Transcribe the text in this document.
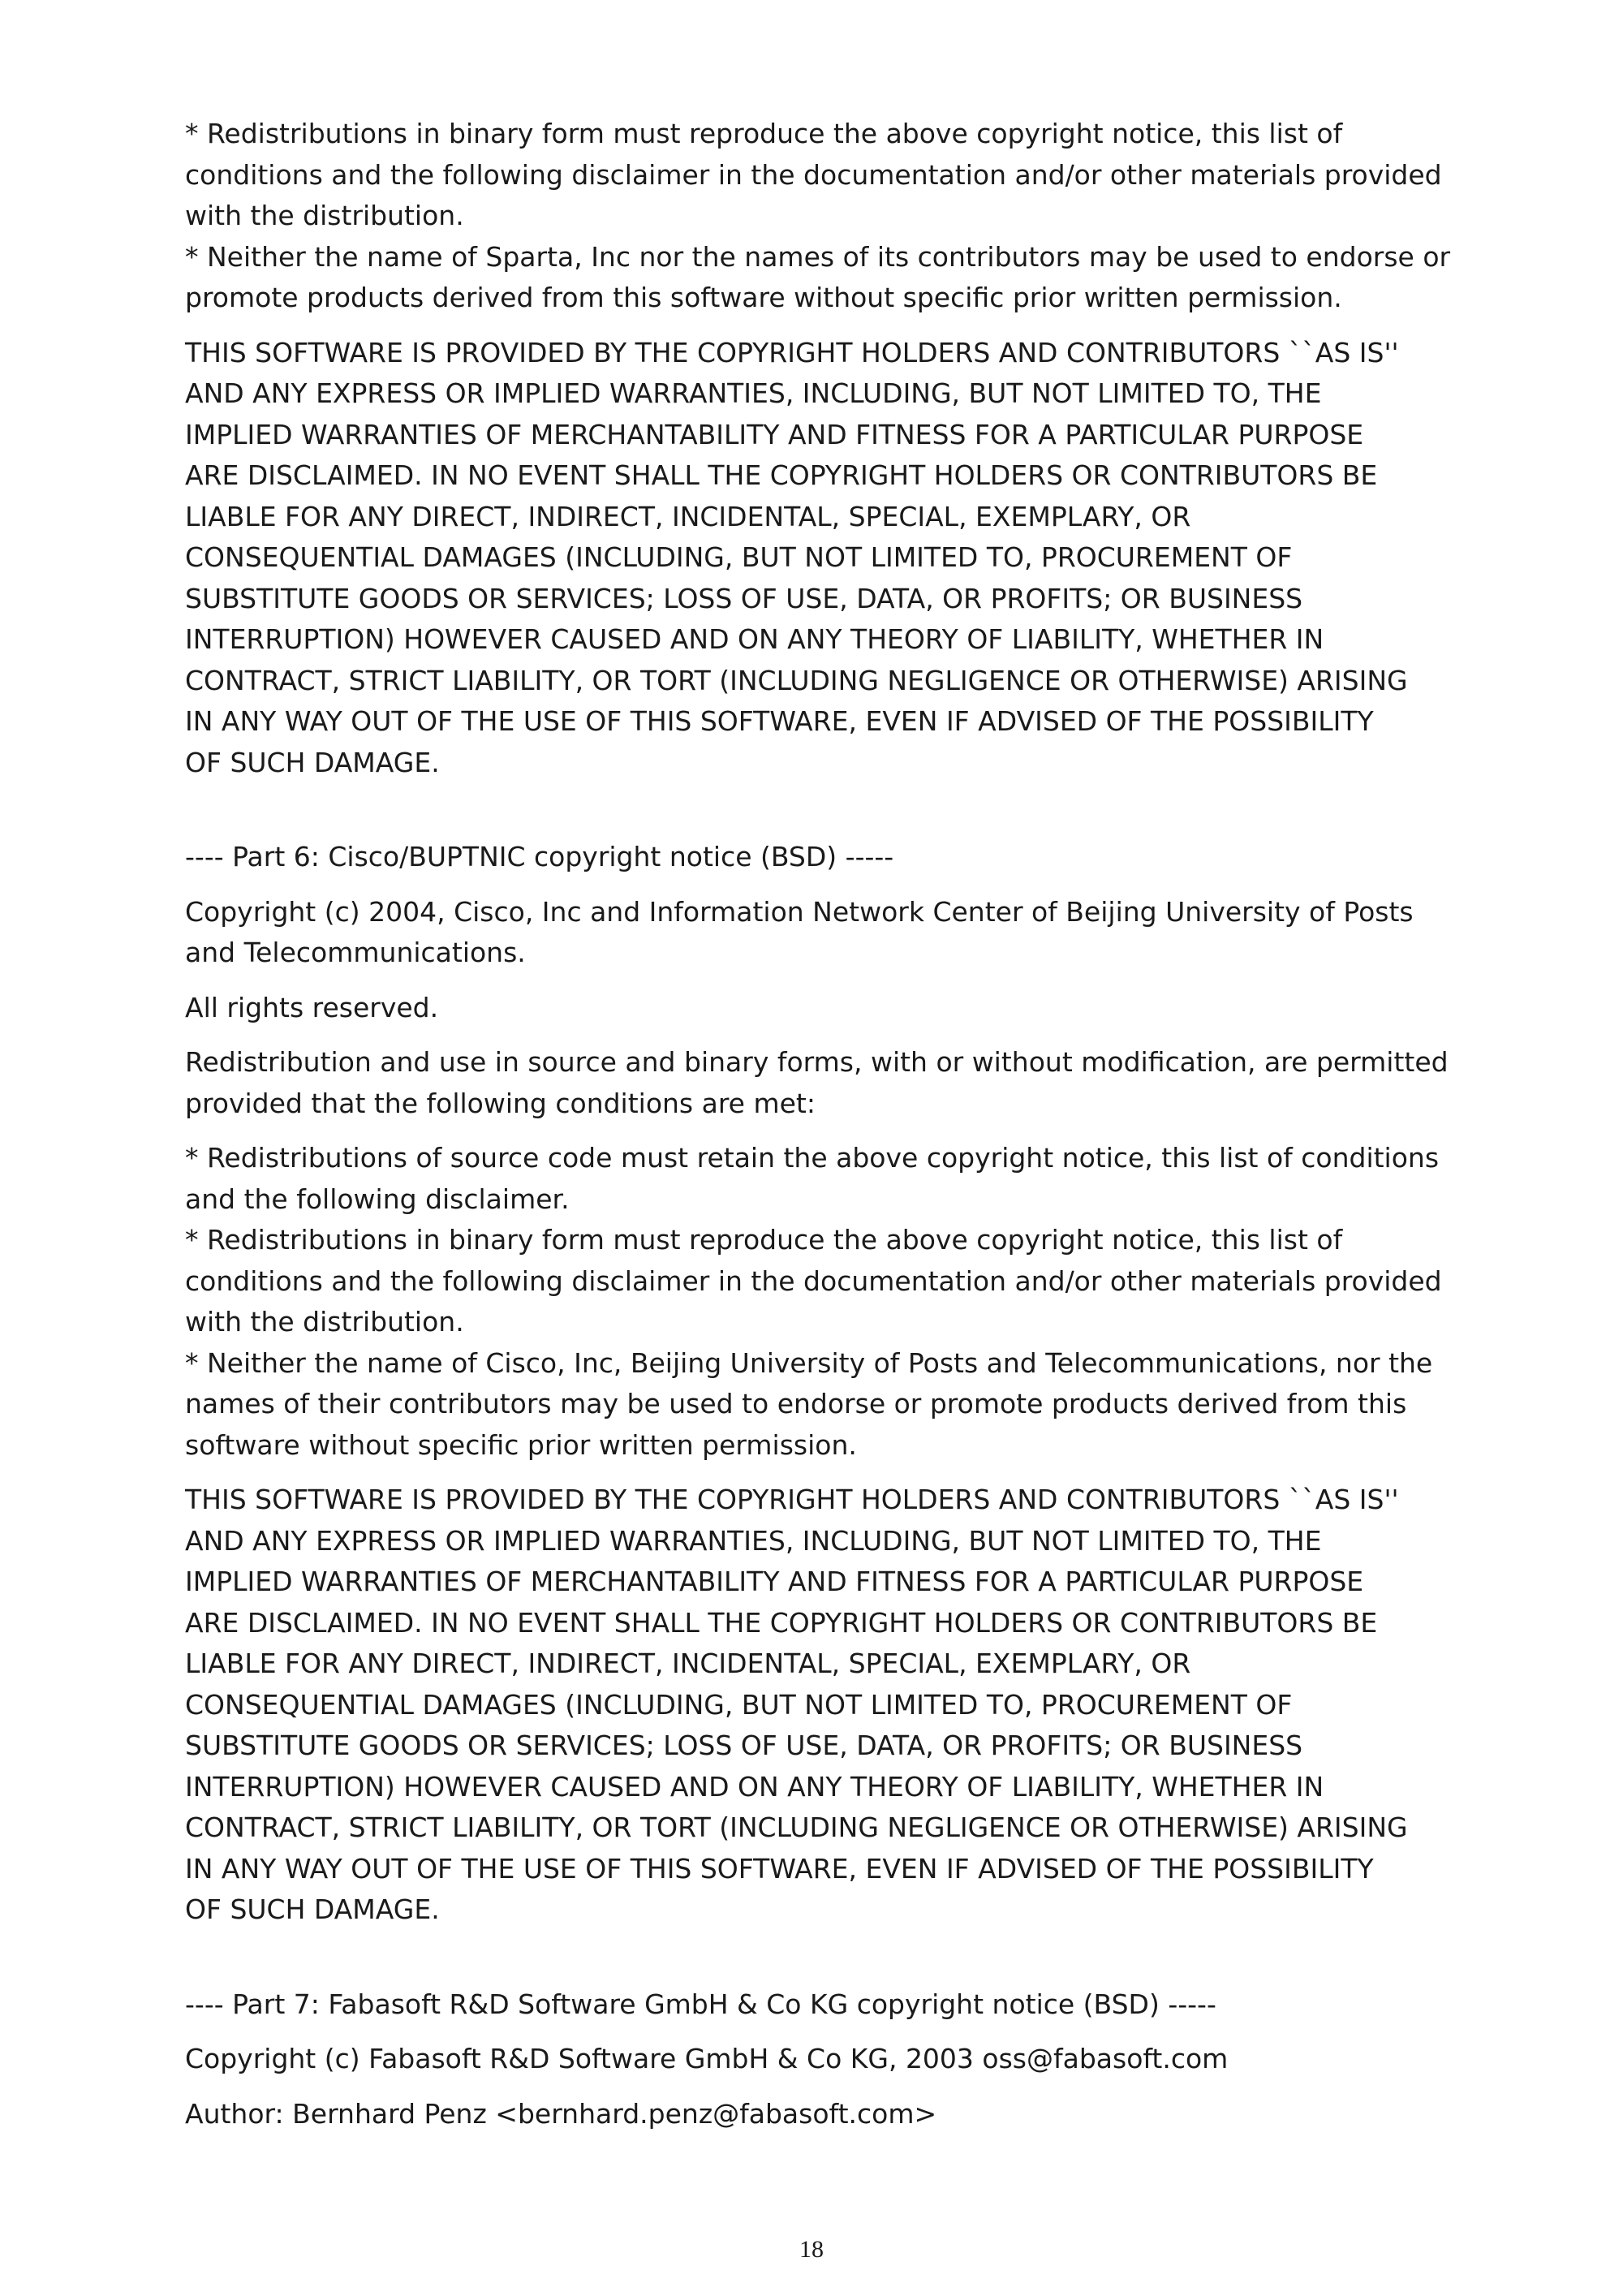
* Redistributions in binary form must reproduce the above copyright notice, this list of
conditions and the following disclaimer in the documentation and/or other materials provided
with the distribution.
* Neither the name of Sparta, Inc nor the names of its contributors may be used to endorse or
promote products derived from this software without specific prior written permission.
THIS SOFTWARE IS PROVIDED BY THE COPYRIGHT HOLDERS AND CONTRIBUTORS ``AS IS''
AND ANY EXPRESS OR IMPLIED WARRANTIES, INCLUDING, BUT NOT LIMITED TO, THE
IMPLIED WARRANTIES OF MERCHANTABILITY AND FITNESS FOR A PARTICULAR PURPOSE
ARE DISCLAIMED. IN NO EVENT SHALL THE COPYRIGHT HOLDERS OR CONTRIBUTORS BE
LIABLE FOR ANY DIRECT, INDIRECT, INCIDENTAL, SPECIAL, EXEMPLARY, OR
CONSEQUENTIAL DAMAGES (INCLUDING, BUT NOT LIMITED TO, PROCUREMENT OF
SUBSTITUTE GOODS OR SERVICES; LOSS OF USE, DATA, OR PROFITS; OR BUSINESS
INTERRUPTION) HOWEVER CAUSED AND ON ANY THEORY OF LIABILITY, WHETHER IN
CONTRACT, STRICT LIABILITY, OR TORT (INCLUDING NEGLIGENCE OR OTHERWISE) ARISING
IN ANY WAY OUT OF THE USE OF THIS SOFTWARE, EVEN IF ADVISED OF THE POSSIBILITY
OF SUCH DAMAGE.
---- Part 6: Cisco/BUPTNIC copyright notice (BSD) -----
Copyright (c) 2004, Cisco, Inc and Information Network Center of Beijing University of Posts
and Telecommunications.
All rights reserved.
Redistribution and use in source and binary forms, with or without modification, are permitted
provided that the following conditions are met:
* Redistributions of source code must retain the above copyright notice, this list of conditions
and the following disclaimer.
* Redistributions in binary form must reproduce the above copyright notice, this list of
conditions and the following disclaimer in the documentation and/or other materials provided
with the distribution.
* Neither the name of Cisco, Inc, Beijing University of Posts and Telecommunications, nor the
names of their contributors may be used to endorse or promote products derived from this
software without specific prior written permission.
THIS SOFTWARE IS PROVIDED BY THE COPYRIGHT HOLDERS AND CONTRIBUTORS ``AS IS''
AND ANY EXPRESS OR IMPLIED WARRANTIES, INCLUDING, BUT NOT LIMITED TO, THE
IMPLIED WARRANTIES OF MERCHANTABILITY AND FITNESS FOR A PARTICULAR PURPOSE
ARE DISCLAIMED. IN NO EVENT SHALL THE COPYRIGHT HOLDERS OR CONTRIBUTORS BE
LIABLE FOR ANY DIRECT, INDIRECT, INCIDENTAL, SPECIAL, EXEMPLARY, OR
CONSEQUENTIAL DAMAGES (INCLUDING, BUT NOT LIMITED TO, PROCUREMENT OF
SUBSTITUTE GOODS OR SERVICES; LOSS OF USE, DATA, OR PROFITS; OR BUSINESS
INTERRUPTION) HOWEVER CAUSED AND ON ANY THEORY OF LIABILITY, WHETHER IN
CONTRACT, STRICT LIABILITY, OR TORT (INCLUDING NEGLIGENCE OR OTHERWISE) ARISING
IN ANY WAY OUT OF THE USE OF THIS SOFTWARE, EVEN IF ADVISED OF THE POSSIBILITY
OF SUCH DAMAGE.
---- Part 7: Fabasoft R&D Software GmbH & Co KG copyright notice (BSD) -----
Copyright (c) Fabasoft R&D Software GmbH & Co KG, 2003 oss@fabasoft.com
Author: Bernhard Penz <bernhard.penz@fabasoft.com>
18
